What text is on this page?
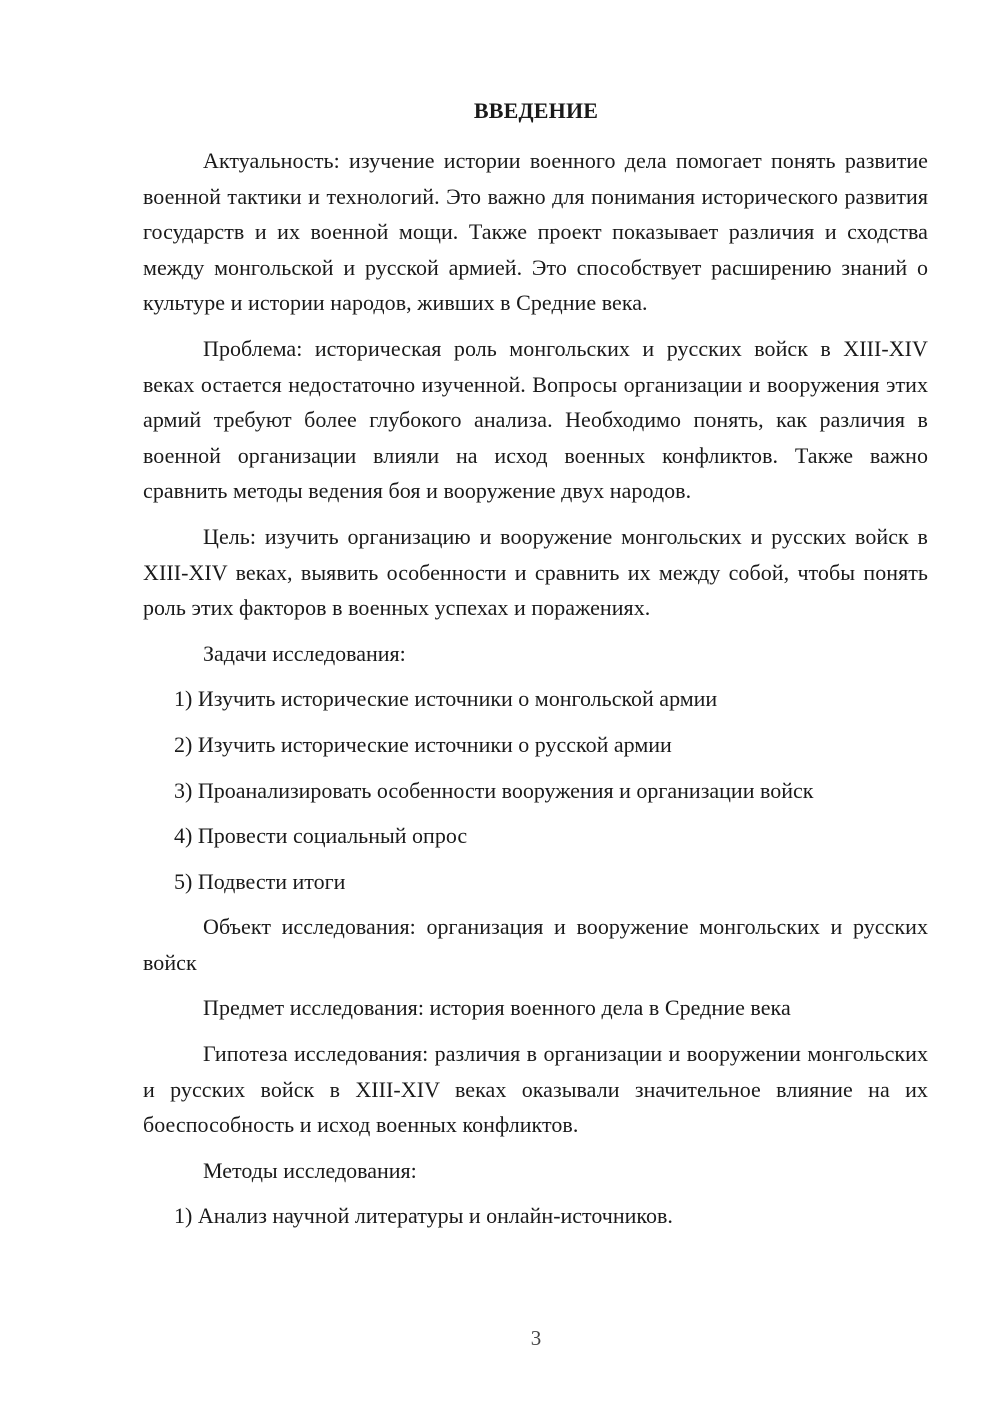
ВВЕДЕНИЕ

Актуальность: изучение истории военного дела помогает понять развитие военной тактики и технологий. Это важно для понимания исторического развития государств и их военной мощи. Также проект показывает различия и сходства между монгольской и русской армией. Это способствует расширению знаний о культуре и истории народов, живших в Средние века.

Проблема: историческая роль монгольских и русских войск в XIII-XIV веках остается недостаточно изученной. Вопросы организации и вооружения этих армий требуют более глубокого анализа. Необходимо понять, как различия в военной организации влияли на исход военных конфликтов. Также важно сравнить методы ведения боя и вооружение двух народов.

Цель: изучить организацию и вооружение монгольских и русских войск в XIII-XIV веках, выявить особенности и сравнить их между собой, чтобы понять роль этих факторов в военных успехах и поражениях.

Задачи исследования:

1) Изучить исторические источники о монгольской армии

2) Изучить исторические источники о русской армии

3) Проанализировать особенности вооружения и организации войск

4) Провести социальный опрос

5) Подвести итоги

Объект исследования: организация и вооружение монгольских и русских войск

Предмет исследования: история военного дела в Средние века

Гипотеза исследования: различия в организации и вооружении монгольских и русских войск в XIII-XIV веках оказывали значительное влияние на их боеспособность и исход военных конфликтов.

Методы исследования:

1) Анализ научной литературы и онлайн-источников.

3
